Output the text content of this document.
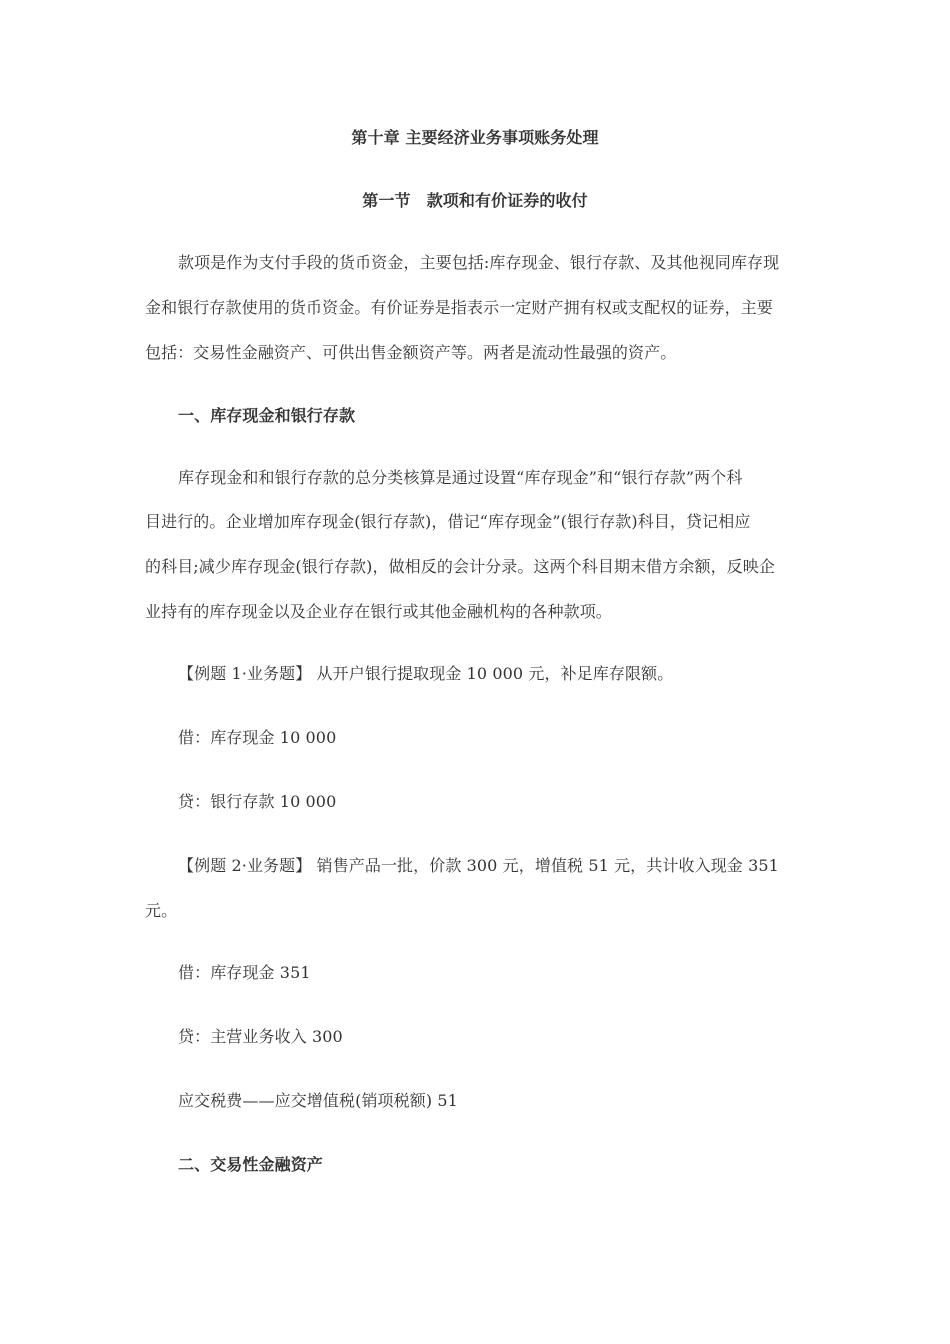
第十章 主要经济业务事项账务处理
第一节　款项和有价证券的收付
款项是作为支付手段的货币资金，主要包括:库存现金、银行存款、及其他视同库存现
金和银行存款使用的货币资金。有价证券是指表示一定财产拥有权或支配权的证券，主要
包括：交易性金融资产、可供出售金额资产等。两者是流动性最强的资产。
一、库存现金和银行存款
库存现金和和银行存款的总分类核算是通过设置“库存现金”和“银行存款”两个科
目进行的。企业增加库存现金(银行存款)，借记“库存现金”(银行存款)科目，贷记相应
的科目;减少库存现金(银行存款)，做相反的会计分录。这两个科目期末借方余额，反映企
业持有的库存现金以及企业存在银行或其他金融机构的各种款项。
【例题 1·业务题】 从开户银行提取现金 10 000 元，补足库存限额。
借：库存现金 10 000
贷：银行存款 10 000
【例题 2·业务题】 销售产品一批，价款 300 元，增值税 51 元，共计收入现金 351
元。
借：库存现金 351
贷：主营业务收入 300
应交税费——应交增值税(销项税额) 51
二、交易性金融资产
